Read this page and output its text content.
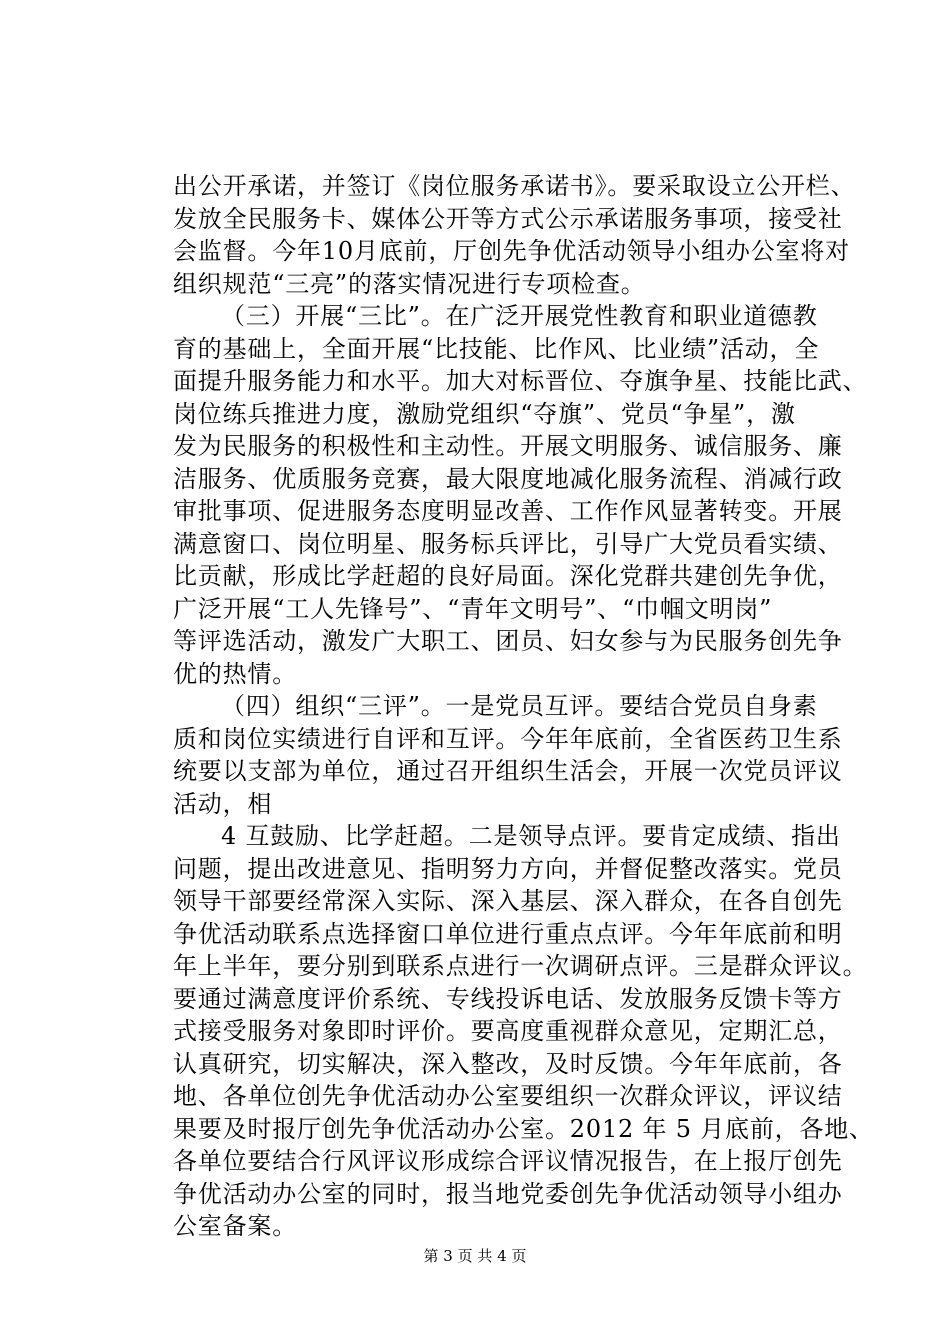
出公开承诺，并签订《岗位服务承诺书》。要采取设立公开栏、
发放全民服务卡、媒体公开等方式公示承诺服务事项，接受社
会监督。今年10月底前，厅创先争优活动领导小组办公室将对
组织规范“三亮”的落实情况进行专项检查。
（三）开展“三比”。在广泛开展党性教育和职业道德教
育的基础上，全面开展“比技能、比作风、比业绩”活动，全
面提升服务能力和水平。加大对标晋位、夺旗争星、技能比武、
岗位练兵推进力度，激励党组织“夺旗”、党员“争星”，激
发为民服务的积极性和主动性。开展文明服务、诚信服务、廉
洁服务、优质服务竞赛，最大限度地减化服务流程、消减行政
审批事项、促进服务态度明显改善、工作作风显著转变。开展
满意窗口、岗位明星、服务标兵评比，引导广大党员看实绩、
比贡献，形成比学赶超的良好局面。深化党群共建创先争优，
广泛开展“工人先锋号”、“青年文明号”、“巾帼文明岗”
等评选活动，激发广大职工、团员、妇女参与为民服务创先争
优的热情。
（四）组织“三评”。一是党员互评。要结合党员自身素
质和岗位实绩进行自评和互评。今年年底前，全省医药卫生系
统要以支部为单位，通过召开组织生活会，开展一次党员评议
活动，相
4 互鼓励、比学赶超。二是领导点评。要肯定成绩、指出
问题，提出改进意见、指明努力方向，并督促整改落实。党员
领导干部要经常深入实际、深入基层、深入群众，在各自创先
争优活动联系点选择窗口单位进行重点点评。今年年底前和明
年上半年，要分别到联系点进行一次调研点评。三是群众评议。
要通过满意度评价系统、专线投诉电话、发放服务反馈卡等方
式接受服务对象即时评价。要高度重视群众意见，定期汇总，
认真研究，切实解决，深入整改，及时反馈。今年年底前，各
地、各单位创先争优活动办公室要组织一次群众评议，评议结
果要及时报厅创先争优活动办公室。2012 年 5 月底前，各地、
各单位要结合行风评议形成综合评议情况报告，在上报厅创先
争优活动办公室的同时，报当地党委创先争优活动领导小组办
公室备案。
第 3 页 共 4 页
